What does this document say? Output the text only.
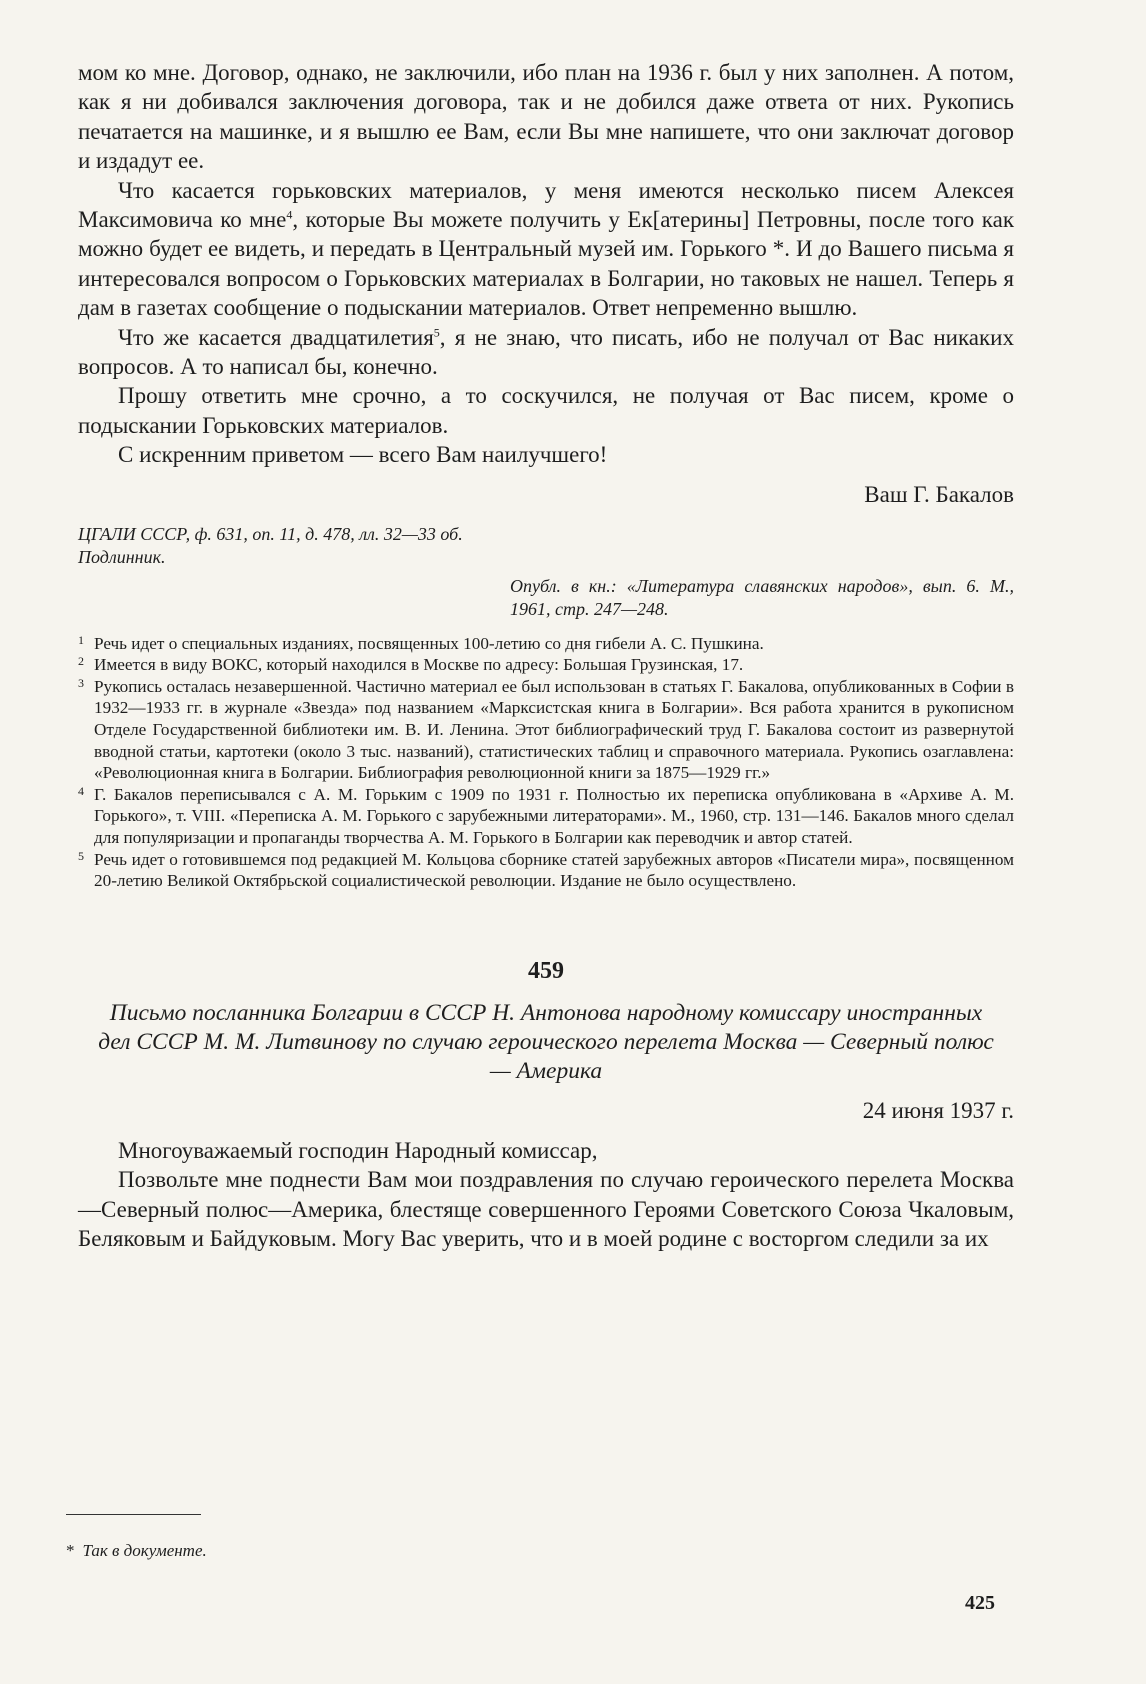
мом ко мне. Договор, однако, не заключили, ибо план на 1936 г. был у них заполнен. А потом, как я ни добивался заключения договора, так и не добился даже ответа от них. Рукопись печатается на машинке, и я вышлю ее Вам, если Вы мне напишете, что они заключат договор и издадут ее.

Что касается горьковских материалов, у меня имеются несколько писем Алексея Максимовича ко мне$^4$, которые Вы можете получить у Ек[атерины] Петровны, после того как можно будет ее видеть, и передать в Центральный музей им. Горького *. И до Вашего письма я интересовался вопросом о Горьковских материалах в Болгарии, но таковых не нашел. Теперь я дам в газетах сообщение о подыскании материалов. Ответ непременно вышлю.

Что же касается двадцатилетия$^5$, я не знаю, что писать, ибо не получал от Вас никаких вопросов. А то написал бы, конечно.

Прошу ответить мне срочно, а то соскучился, не получая от Вас писем, кроме о подыскании Горьковских материалов.

С искренним приветом — всего Вам наилучшего!

Ваш Г. Бакалов

ЦГАЛИ СССР, ф. 631, оп. 11, д. 478, лл. 32—33 об.
Подлинник.

Опубл. в кн.: «Литература славянских народов», вып. 6. М., 1961, стр. 247—248.

1 Речь идет о специальных изданиях, посвященных 100-летию со дня гибели А. С. Пушкина.

2 Имеется в виду ВОКС, который находился в Москве по адресу: Большая Грузинская, 17.

3 Рукопись осталась незавершенной. Частично материал ее был использован в статьях Г. Бакалова, опубликованных в Софии в 1932—1933 гг. в журнале «Звезда» под названием «Марксистская книга в Болгарии». Вся работа хранится в рукописном Отделе Государственной библиотеки им. В. И. Ленина. Этот библиографический труд Г. Бакалова состоит из развернутой вводной статьи, картотеки (около 3 тыс. названий), статистических таблиц и справочного материала. Рукопись озаглавлена: «Революционная книга в Болгарии. Библиография революционной книги за 1875—1929 гг.»

4 Г. Бакалов переписывался с А. М. Горьким с 1909 по 1931 г. Полностью их переписка опубликована в «Архиве А. М. Горького», т. VIII. «Переписка А. М. Горького с зарубежными литераторами». М., 1960, стр. 131—146. Бакалов много сделал для популяризации и пропаганды творчества А. М. Горького в Болгарии как переводчик и автор статей.

5 Речь идет о готовившемся под редакцией М. Кольцова сборнике статей зарубежных авторов «Писатели мира», посвященном 20-летию Великой Октябрьской социалистической революции. Издание не было осуществлено.

459

Письмо посланника Болгарии в СССР Н. Антонова народному комиссару иностранных дел СССР М. М. Литвинову по случаю героического перелета Москва — Северный полюс — Америка

24 июня 1937 г.

Многоуважаемый господин Народный комиссар,

Позвольте мне поднести Вам мои поздравления по случаю героического перелета Москва—Северный полюс—Америка, блестяще совершенного Героями Советского Союза Чкаловым, Беляковым и Байдуковым. Могу Вас уверить, что и в моей родине с восторгом следили за их

* Так в документе.
425
